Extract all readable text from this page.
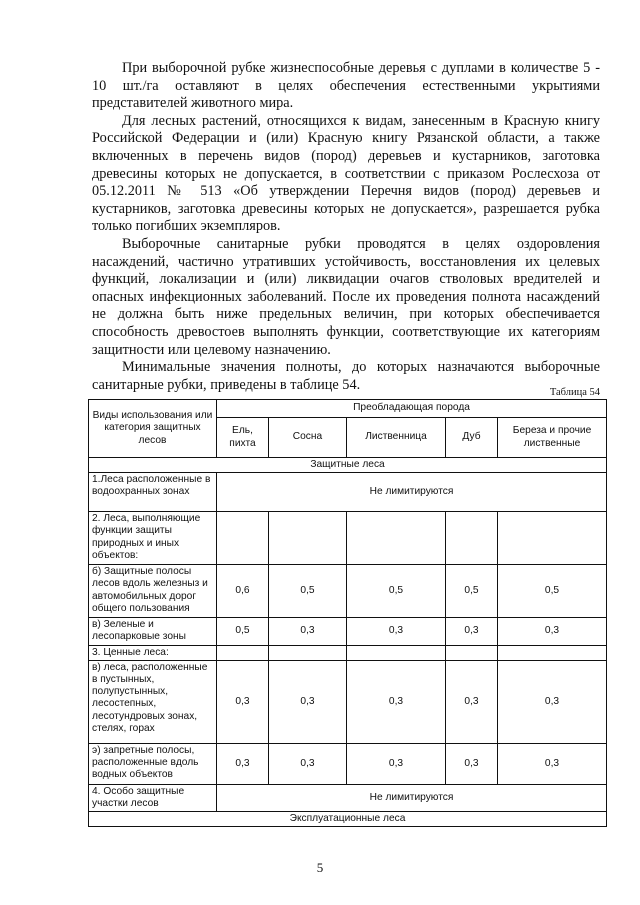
При выборочной рубке жизнеспособные деревья с дуплами в количестве 5 - 10 шт./га оставляют в целях обеспечения естественными укрытиями представителей животного мира.

Для лесных растений, относящихся к видам, занесенным в Красную книгу Российской Федерации и (или) Красную книгу Рязанской области, а также включенных в перечень видов (пород) деревьев и кустарников, заготовка древесины которых не допускается, в соответствии с приказом Рослесхоза от 05.12.2011 № 513 «Об утверждении Перечня видов (пород) деревьев и кустарников, заготовка древесины которых не допускается», разрешается рубка только погибших экземпляров.

Выборочные санитарные рубки проводятся в целях оздоровления насаждений, частично утративших устойчивость, восстановления их целевых функций, локализации и (или) ликвидации очагов стволовых вредителей и опасных инфекционных заболеваний. После их проведения полнота насаждений не должна быть ниже предельных величин, при которых обеспечивается способность древостоев выполнять функции, соответствующие их категориям защитности или целевому назначению.

Минимальные значения полноты, до которых назначаются выборочные санитарные рубки, приведены в таблице 54.	Таблица 54
Виды использования или категория защитных лесов	Преобладающая порода				
	Ель, пихта	Сосна	Лиственница	Дуб	Береза и прочие лиственные
Защитные леса					
1.Леса расположенные в водоохранных зонах	Не лимитируются				
2. Леса, выполняющие функции защиты природных и иных объектов:					
б) Защитные полосы лесов вдоль железныз и автомобильных дорог общего пользования	0,6	0,5	0,5	0,5	0,5
в) Зеленые и лесопарковые зоны	0,5	0,3	0,3	0,3	0,3
3. Ценные леса:					
в) леса, расположенные в пустынных, полупустынных, лесостепных, лесотундровых зонах, стелях, горах	0,3	0,3	0,3	0,3	0,3
э) запретные полосы, расположенные вдоль водных объектов	0,3	0,3	0,3	0,3	0,3
4. Особо защитные участки лесов	Не лимитируются				
Эксплуатационные леса					
5
